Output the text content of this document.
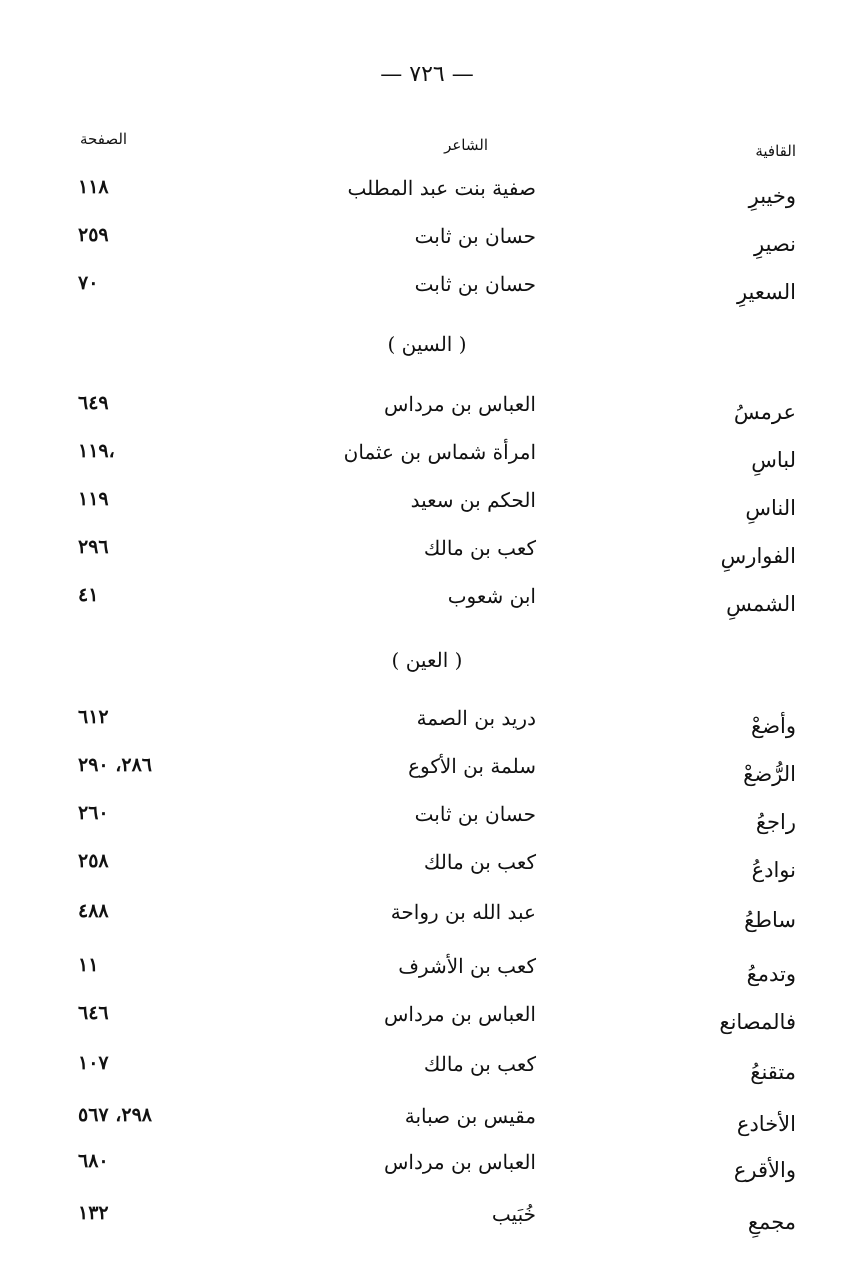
— ٧٢٦ —
القافية
الشاعر
الصفحة
وخيبرِ
صفية بنت عبد المطلب
١١٨
نصيرِ
حسان بن ثابت
٢٥٩
السعيرِ
حسان بن ثابت
٧٠
( السين )
عرمسُ
العباس بن مرداس
٦٤٩
لباسِ
امرأة شماس بن عثمان
١١٩،
الناسِ
الحكم بن سعيد
١١٩
الفوارسِ
كعب بن مالك
٢٩٦
الشمسِ
ابن شعوب
٤١
( العين )
وأضعْ
دريد بن الصمة
٦١٢
الرُّضعْ
سلمة بن الأكوع
٢٨٦، ٢٩٠
راجعُ
حسان بن ثابت
٢٦٠
نوادعُ
كعب بن مالك
٢٥٨
ساطعُ
عبد الله بن رواحة
٤٨٨
وتدمعُ
كعب بن الأشرف
١١
فالمصانع
العباس بن مرداس
٦٤٦
متقنعُ
كعب بن مالك
١٠٧
الأخادع
مقيس بن صبابة
٢٩٨، ٥٦٧
والأقرع
العباس بن مرداس
٦٨٠
مجمعِ
خُبَيب
١٣٢
